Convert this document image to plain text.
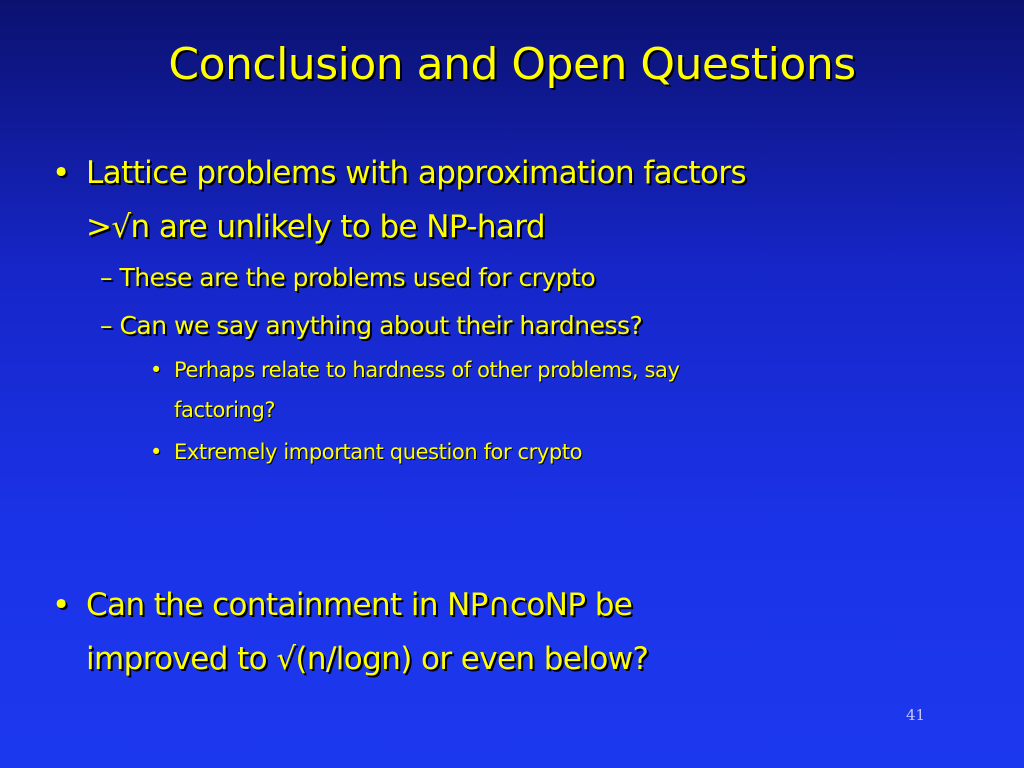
Conclusion and Open Questions
• Lattice problems with approximation factors
>√n are unlikely to be NP-hard
– These are the problems used for crypto
– Can we say anything about their hardness?
• Perhaps relate to hardness of other problems, say
factoring?
• Extremely important question for crypto
• Can the containment in NP∩coNP be
improved to √(n/logn) or even below?
41
